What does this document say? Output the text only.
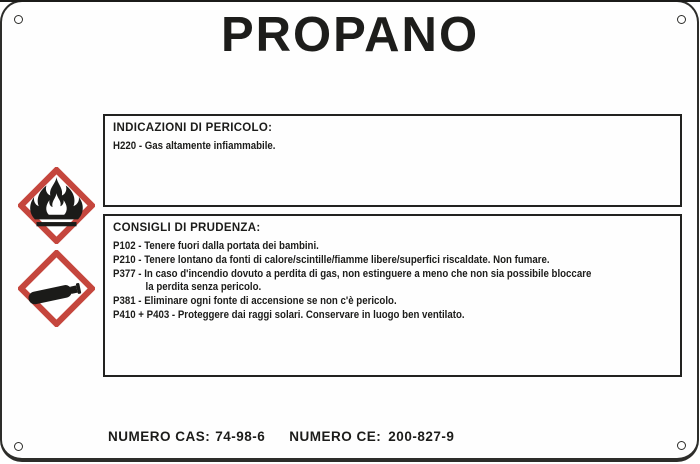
PROPANO
INDICAZIONI DI PERICOLO:
H220 - Gas altamente infiammabile.
CONSIGLI DI PRUDENZA:
P102 - Tenere fuori dalla portata dei bambini.
P210 - Tenere lontano da fonti di calore/scintille/fiamme libere/superfici riscaldate. Non fumare.
P377 - In caso d'incendio dovuto a perdita di gas, non estinguere a meno che non sia possibile bloccare
la perdita senza pericolo.
P381 - Eliminare ogni fonte di accensione se non c'è pericolo.
P410 + P403 - Proteggere dai raggi solari. Conservare in luogo ben ventilato.
NUMERO CAS: 74-98-6 NUMERO CE: 200-827-9
